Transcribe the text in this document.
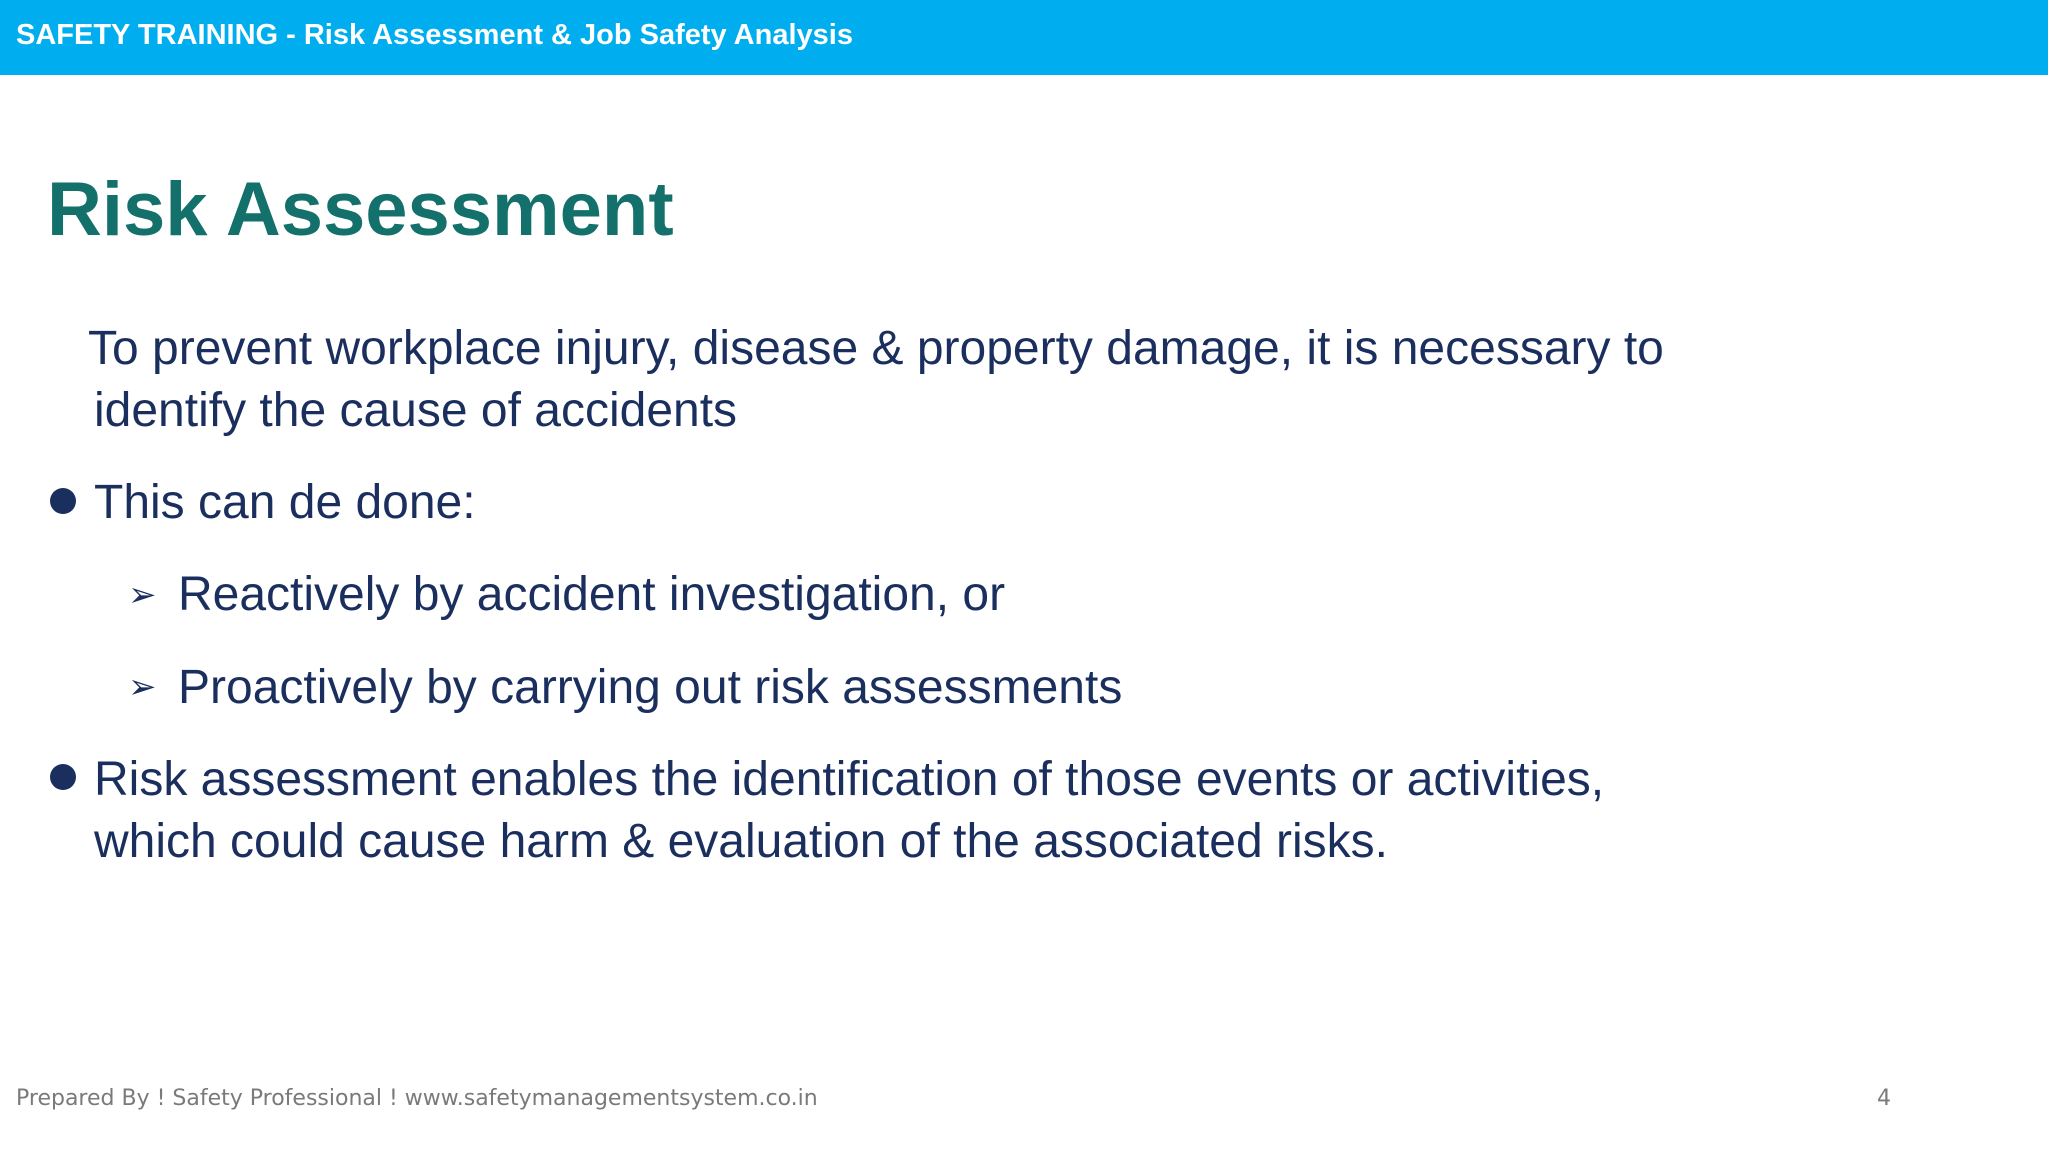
SAFETY TRAINING - Risk Assessment & Job Safety Analysis
Risk Assessment
To prevent workplace injury, disease & property damage, it is necessary to
identify the cause of accidents
This can de done:
➢ Reactively by accident investigation, or
➢ Proactively by carrying out risk assessments
Risk assessment enables the identification of those events or activities,
which could cause harm & evaluation of the associated risks.
Prepared By ! Safety Professional ! www.safetymanagementsystem.co.in	4
